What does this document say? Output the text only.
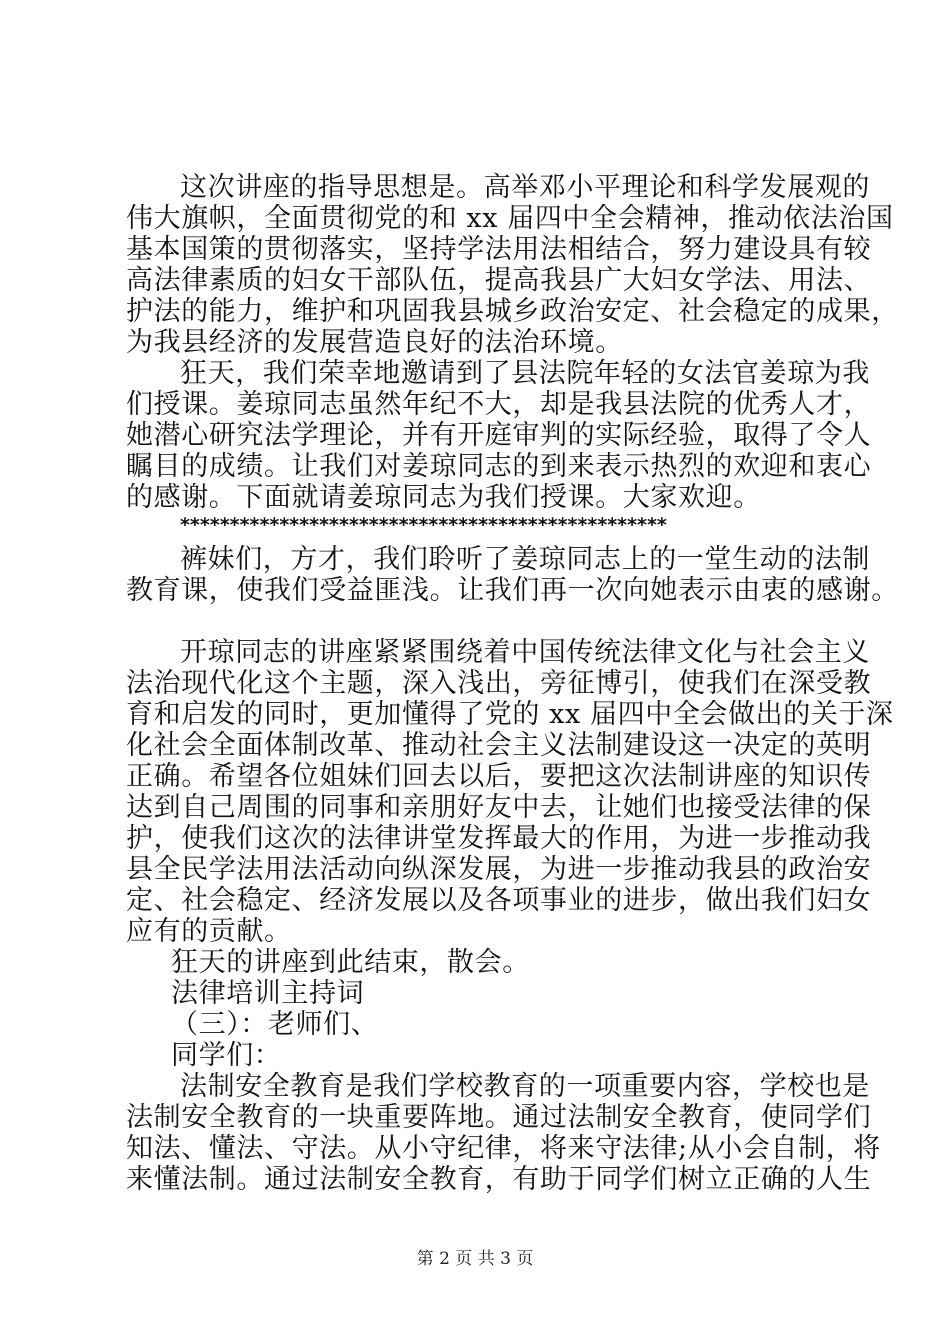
这次讲座的指导思想是。高举邓小平理论和科学发展观的
伟大旗帜，全面贯彻党的和 xx 届四中全会精神，推动依法治国
基本国策的贯彻落实，坚持学法用法相结合，努力建设具有较
高法律素质的妇女干部队伍，提高我县广大妇女学法、用法、
护法的能力，维护和巩固我县城乡政治安定、社会稳定的成果，
为我县经济的发展营造良好的法治环境。
狂天，我们荣幸地邀请到了县法院年轻的女法官姜琼为我
们授课。姜琼同志虽然年纪不大，却是我县法院的优秀人才，
她潜心研究法学理论，并有开庭审判的实际经验，取得了令人
瞩目的成绩。让我们对姜琼同志的到来表示热烈的欢迎和衷心
的感谢。下面就请姜琼同志为我们授课。大家欢迎。
*************************************************
裤妹们，方才，我们聆听了姜琼同志上的一堂生动的法制
教育课，使我们受益匪浅。让我们再一次向她表示由衷的感谢。
开琼同志的讲座紧紧围绕着中国传统法律文化与社会主义
法治现代化这个主题，深入浅出，旁征博引，使我们在深受教
育和启发的同时，更加懂得了党的 xx 届四中全会做出的关于深
化社会全面体制改革、推动社会主义法制建设这一决定的英明
正确。希望各位姐妹们回去以后，要把这次法制讲座的知识传
达到自己周围的同事和亲朋好友中去，让她们也接受法律的保
护，使我们这次的法律讲堂发挥最大的作用，为进一步推动我
县全民学法用法活动向纵深发展，为进一步推动我县的政治安
定、社会稳定、经济发展以及各项事业的进步，做出我们妇女
应有的贡献。
狂天的讲座到此结束，散会。
法律培训主持词
（三）：老师们、
同学们：
法制安全教育是我们学校教育的一项重要内容，学校也是
法制安全教育的一块重要阵地。通过法制安全教育，使同学们
知法、懂法、守法。从小守纪律，将来守法律;从小会自制，将
来懂法制。通过法制安全教育，有助于同学们树立正确的人生
第 2 页 共 3 页
